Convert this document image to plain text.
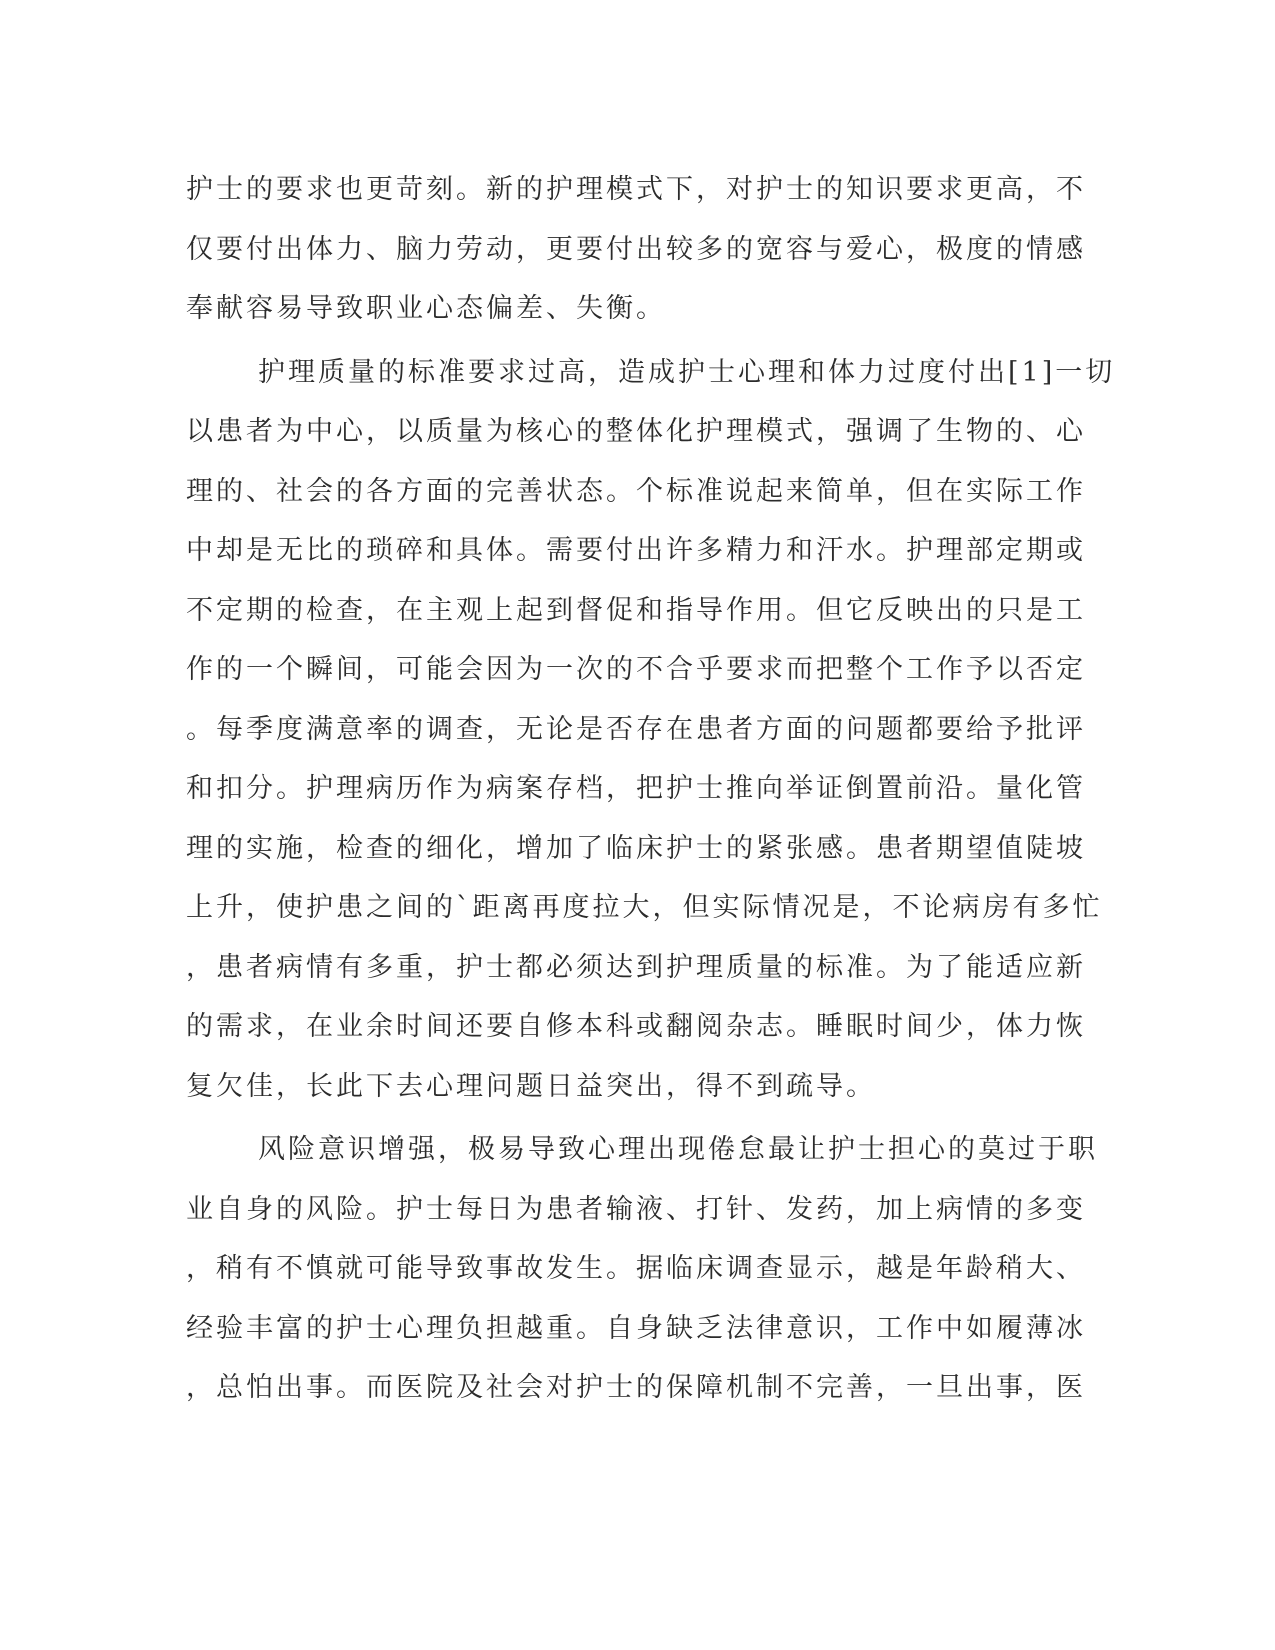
护士的要求也更苛刻。新的护理模式下，对护士的知识要求更高，不
仅要付出体力、脑力劳动，更要付出较多的宽容与爱心，极度的情感
奉献容易导致职业心态偏差、失衡。
护理质量的标准要求过高，造成护士心理和体力过度付出[1]一切
以患者为中心，以质量为核心的整体化护理模式，强调了生物的、心
理的、社会的各方面的完善状态。个标准说起来简单，但在实际工作
中却是无比的琐碎和具体。需要付出许多精力和汗水。护理部定期或
不定期的检查，在主观上起到督促和指导作用。但它反映出的只是工
作的一个瞬间，可能会因为一次的不合乎要求而把整个工作予以否定
。每季度满意率的调查，无论是否存在患者方面的问题都要给予批评
和扣分。护理病历作为病案存档，把护士推向举证倒置前沿。量化管
理的实施，检查的细化，增加了临床护士的紧张感。患者期望值陡坡
上升，使护患之间的`距离再度拉大，但实际情况是，不论病房有多忙
，患者病情有多重，护士都必须达到护理质量的标准。为了能适应新
的需求，在业余时间还要自修本科或翻阅杂志。睡眠时间少，体力恢
复欠佳，长此下去心理问题日益突出，得不到疏导。
风险意识增强，极易导致心理出现倦怠最让护士担心的莫过于职
业自身的风险。护士每日为患者输液、打针、发药，加上病情的多变
，稍有不慎就可能导致事故发生。据临床调查显示，越是年龄稍大、
经验丰富的护士心理负担越重。自身缺乏法律意识，工作中如履薄冰
，总怕出事。而医院及社会对护士的保障机制不完善，一旦出事，医
